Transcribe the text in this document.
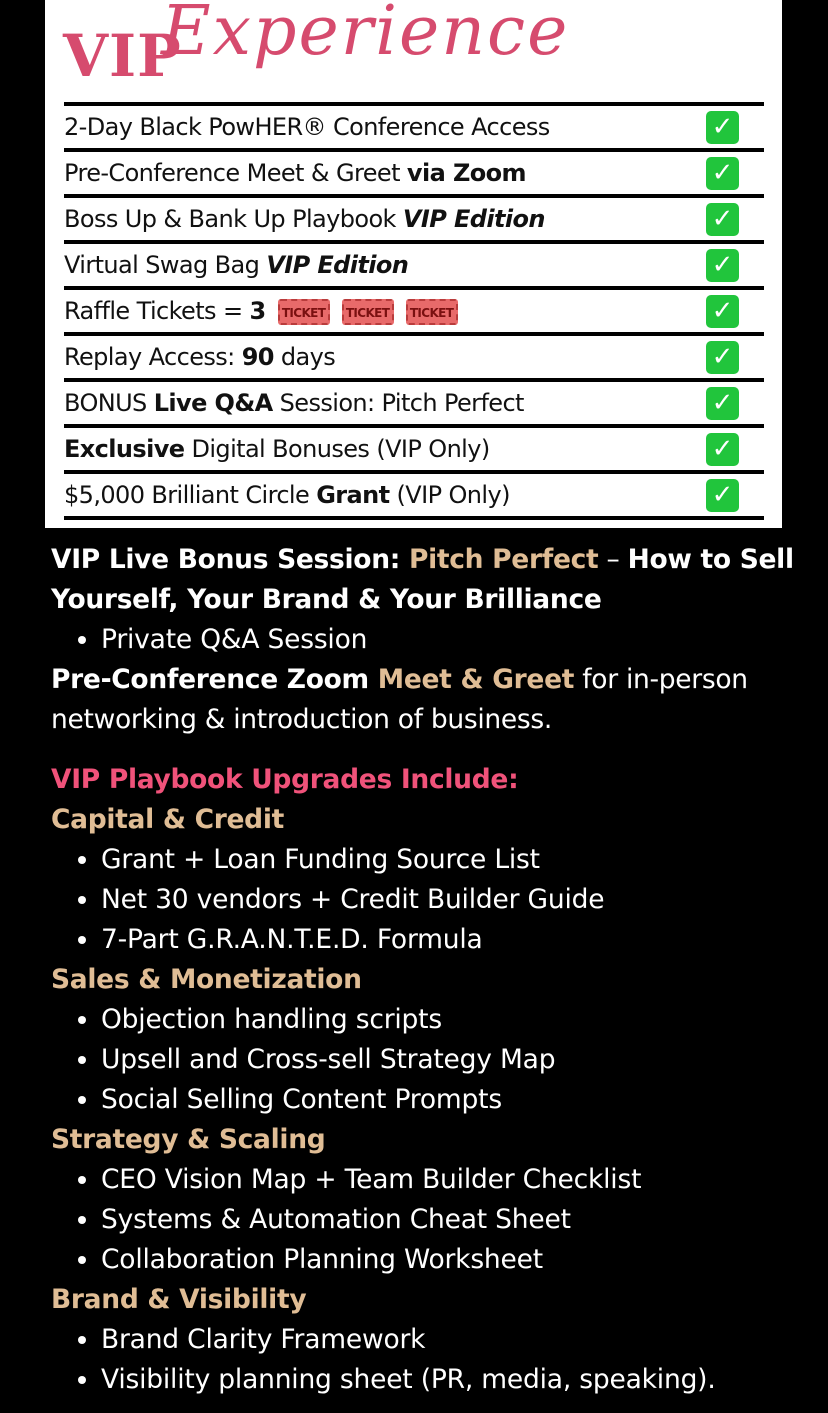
VIP
Experience
2-Day Black PowHER® Conference Access	✓
Pre-Conference Meet & Greet via Zoom	✓
Boss Up & Bank Up Playbook VIP Edition	✓
Virtual Swag Bag VIP Edition	✓
Raffle Tickets = 3 TICKET TICKET TICKET	✓
Replay Access: 90 days	✓
BONUS Live Q&A Session: Pitch Perfect	✓
Exclusive Digital Bonuses (VIP Only)	✓
$5,000 Brilliant Circle Grant (VIP Only)	✓

VIP Live Bonus Session: Pitch Perfect – How to Sell Yourself, Your Brand & Your Brilliance

• Private Q&A Session

Pre-Conference Zoom Meet & Greet for in-person networking & introduction of business.

VIP Playbook Upgrades Include:

Capital & Credit

• Grant + Loan Funding Source List
• Net 30 vendors + Credit Builder Guide
• 7-Part G.R.A.N.T.E.D. Formula

Sales & Monetization

• Objection handling scripts
• Upsell and Cross-sell Strategy Map
• Social Selling Content Prompts

Strategy & Scaling

• CEO Vision Map + Team Builder Checklist
• Systems & Automation Cheat Sheet
• Collaboration Planning Worksheet

Brand & Visibility

• Brand Clarity Framework
• Visibility planning sheet (PR, media, speaking).
